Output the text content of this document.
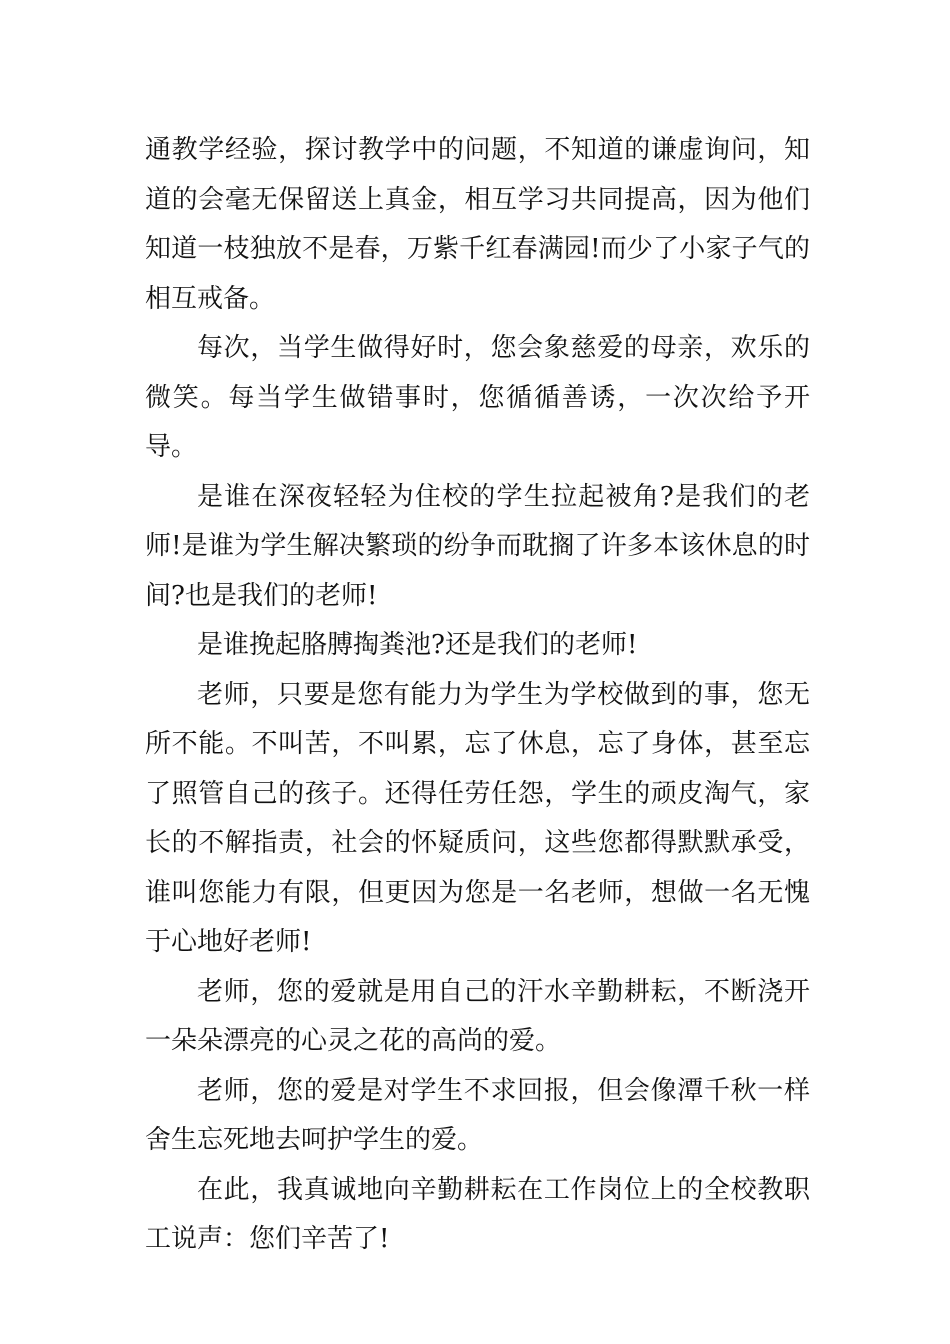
通教学经验，探讨教学中的问题，不知道的谦虚询问，知道的会毫无保留送上真金，相互学习共同提高，因为他们知道一枝独放不是春，万紫千红春满园!而少了小家子气的相互戒备。

每次，当学生做得好时，您会象慈爱的母亲，欢乐的微笑。每当学生做错事时，您循循善诱，一次次给予开导。

是谁在深夜轻轻为住校的学生拉起被角?是我们的老师!是谁为学生解决繁琐的纷争而耽搁了许多本该休息的时间?也是我们的老师!

是谁挽起胳膊掏粪池?还是我们的老师!

老师，只要是您有能力为学生为学校做到的事，您无所不能。不叫苦，不叫累，忘了休息，忘了身体，甚至忘了照管自己的孩子。还得任劳任怨，学生的顽皮淘气，家长的不解指责，社会的怀疑质问，这些您都得默默承受，谁叫您能力有限，但更因为您是一名老师，想做一名无愧于心地好老师!

老师，您的爱就是用自己的汗水辛勤耕耘，不断浇开一朵朵漂亮的心灵之花的高尚的爱。

老师，您的爱是对学生不求回报，但会像潭千秋一样舍生忘死地去呵护学生的爱。

在此，我真诚地向辛勤耕耘在工作岗位上的全校教职工说声：您们辛苦了!
